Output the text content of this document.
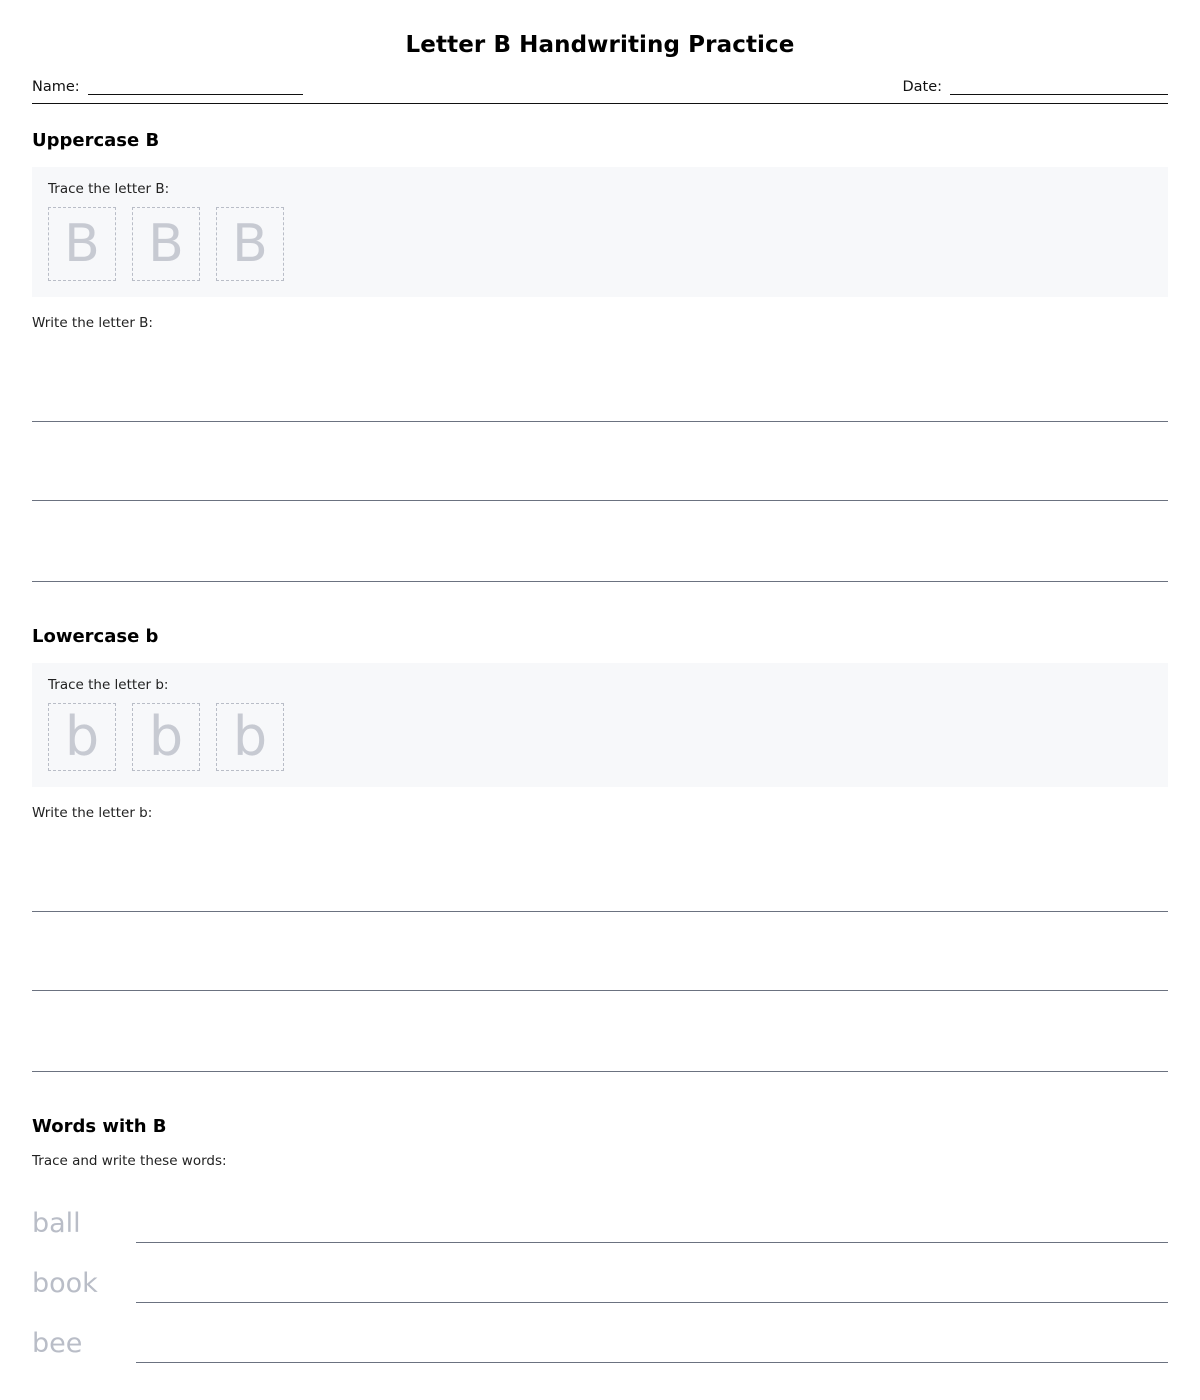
Letter B Handwriting Practice
Name:	Date:
Uppercase B
Trace the letter B:
B B B
Write the letter B:
Lowercase b
Trace the letter b:
b b b
Write the letter b:
Words with B
Trace and write these words:
ball
book
bee
